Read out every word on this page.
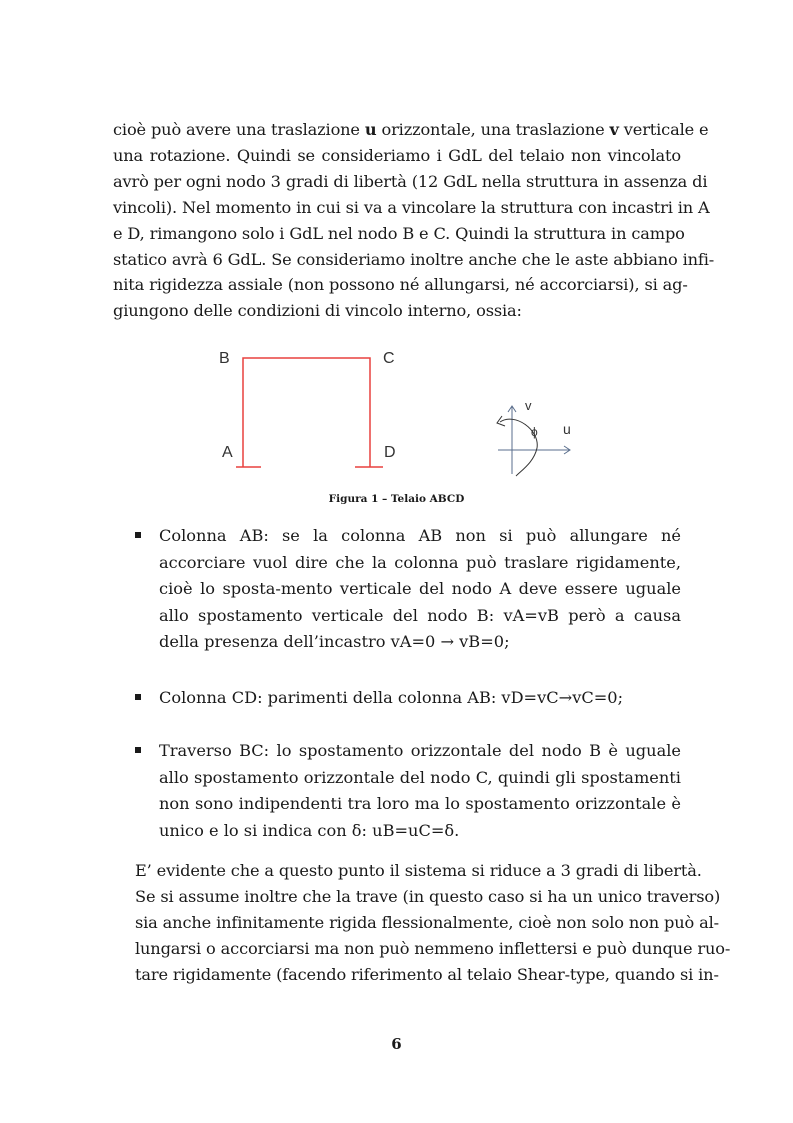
cioè può avere una traslazione u orizzontale, una traslazione v verticale e
una rotazione. Quindi se consideriamo i GdL del telaio non vincolato
avrò per ogni nodo 3 gradi di libertà (12 GdL nella struttura in assenza di
vincoli). Nel momento in cui si va a vincolare la struttura con incastri in A
e D, rimangono solo i GdL nel nodo B e C. Quindi la struttura in campo
statico avrà 6 GdL. Se consideriamo inoltre anche che le aste abbiano infi-
nita rigidezza assiale (non possono né allungarsi, né accorciarsi), si ag-
giungono delle condizioni di vincolo interno, ossia:
B	C
A	D
v
u
ϕ
Figura 1 – Telaio ABCD
Colonna AB: se la colonna AB non si può allungare né accorciare vuol dire che la colonna può traslare rigidamente, cioè lo sposta-mento verticale del nodo A deve essere uguale allo spostamento verticale del nodo B: vA=vB però a causa della presenza dell’incastro vA=0 → vB=0;
Colonna CD: parimenti della colonna AB: vD=vC→vC=0;
Traverso BC: lo spostamento orizzontale del nodo B è uguale allo spostamento orizzontale del nodo C, quindi gli spostamenti non sono indipendenti tra loro ma lo spostamento orizzontale è unico e lo si indica con δ: uB=uC=δ.
E’ evidente che a questo punto il sistema si riduce a 3 gradi di libertà.
Se si assume inoltre che la trave (in questo caso si ha un unico traverso)
sia anche infinitamente rigida flessionalmente, cioè non solo non può al-
lungarsi o accorciarsi ma non può nemmeno inflettersi e può dunque ruo-
tare rigidamente (facendo riferimento al telaio Shear-type, quando si in-
6
